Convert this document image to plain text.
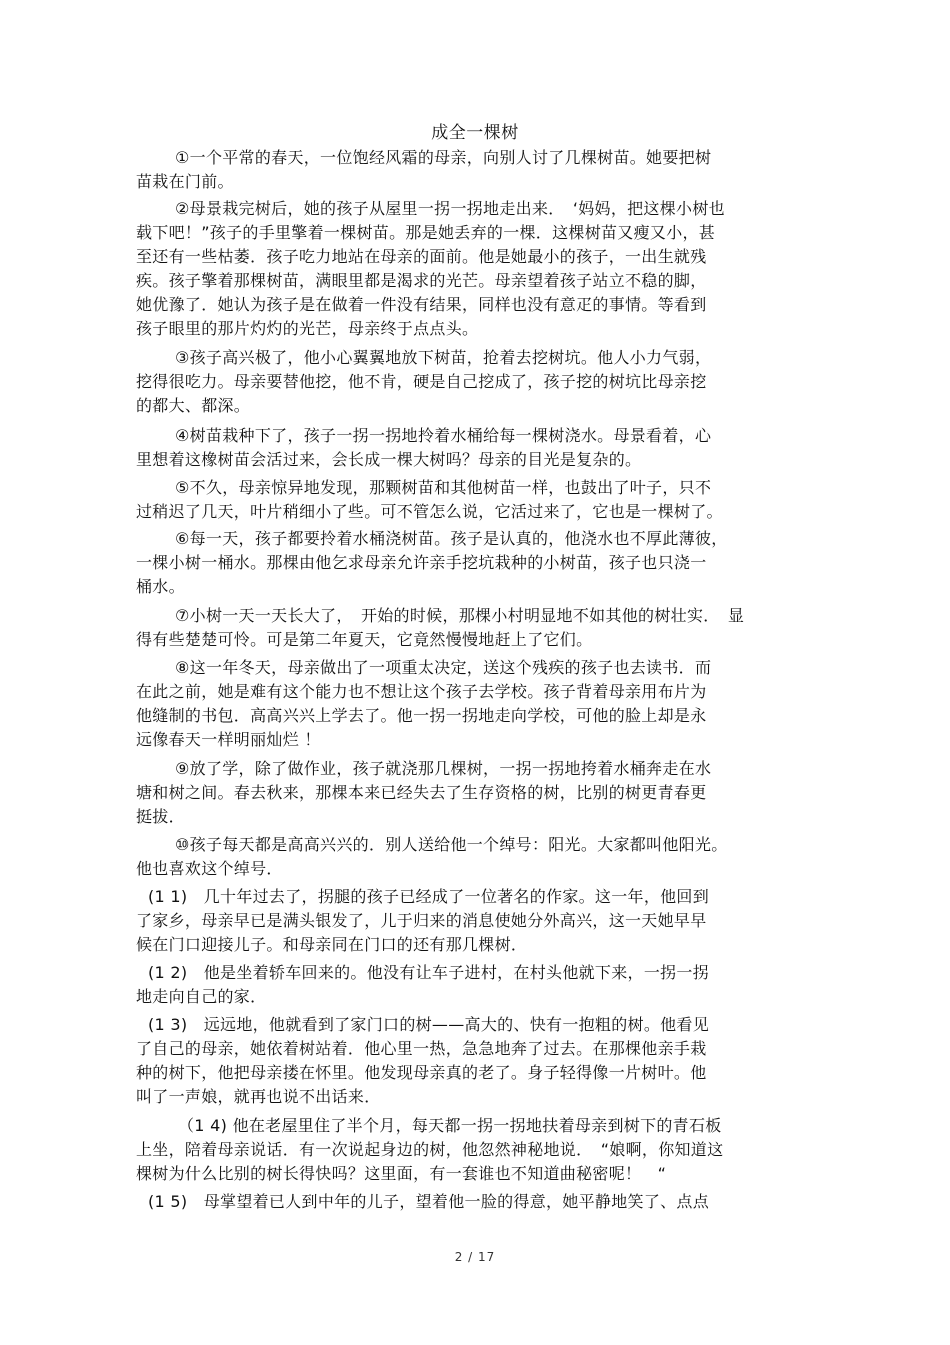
成全一棵树
①一个平常的春天，一位饱经风霜的母亲，向别人讨了几棵树苗。她要把树
苗栽在门前。
②母景栽完树后，她的孩子从屋里一拐一拐地走出来．　‘妈妈，把这棵小树也
载下吧！”孩子的手里擎着一棵树苗。那是她丢弃的一棵．这棵树苗又瘦又小，甚
至还有一些枯萎．孩子吃力地站在母亲的面前。他是她最小的孩子，一出生就残
疾。孩子擎着那棵树苗，满眼里都是渴求的光芒。母亲望着孩子站立不稳的脚，
她优豫了．她认为孩子是在做着一件没有结果，同样也没有意疋的事情。等看到
孩子眼里的那片灼灼的光芒，母亲终于点点头。
③孩子高兴极了，他小心翼翼地放下树苗，抢着去挖树坑。他人小力气弱，
挖得很吃力。母亲要替他挖，他不肯，硬是自己挖成了，孩子挖的树坑比母亲挖
的都大、都深。
④树苗栽种下了，孩子一拐一拐地拎着水桶给每一棵树浇水。母景看着，心
里想着这橡树苗会活过来，会长成一棵大树吗？母亲的目光是复杂的。
⑤不久，母亲惊异地发现，那颗树苗和其他树苗一样，也鼓出了叶子，只不
过稍迟了几天，叶片稍细小了些。可不管怎么说，它活过来了，它也是一棵树了。
⑥每一天，孩子都要拎着水桶浇树苗。孩子是认真的，他浇水也不厚此薄彼，
一棵小树一桶水。那棵由他乞求母亲允许亲手挖坑栽种的小树苗，孩子也只浇一
桶水。
⑦小树一天一天长大了，　开始的时候，那棵小村明显地不如其他的树壮实．　显
得有些楚楚可怜。可是第二年夏天，它竟然慢慢地赶上了它们。
⑧这一年冬天，母亲做出了一项重太决定，送这个残疾的孩子也去读书．而
在此之前，她是难有这个能力也不想让这个孩子去学校。孩子背着母亲用布片为
他缝制的书包．高高兴兴上学去了。他一拐一拐地走向学校，可他的脸上却是永
远像春天一样明丽灿烂 ！
⑨放了学，除了做作业，孩子就浇那几棵树，一拐一拐地挎着水桶奔走在水
塘和树之间。春去秋来，那棵本来已经失去了生存资格的树，比别的树更青春更
挺拔．
⑩孩子每天都是高高兴兴的．别人送给他一个绰号：阳光。大家都叫他阳光。
他也喜欢这个绰号．
(1 1)　几十年过去了，拐腿的孩子已经成了一位著名的作家。这一年，他回到
了家乡，母亲早已是满头银发了，儿于归来的消息使她分外高兴，这一天她早早
候在门口迎接儿子。和母亲同在门口的还有那几棵树．
(1 2)　他是坐着轿车回来的。他没有让车子进村，在村头他就下来，一拐一拐
地走向自己的家．
(1 3)　远远地，他就看到了家门口的树——高大的、快有一抱粗的树。他看见
了自己的母亲，她依着树站着．他心里一热，急急地奔了过去。在那棵他亲手栽
种的树下，他把母亲搂在怀里。他发现母亲真的老了。身子轻得像一片树叶。他
叫了一声娘，就再也说不出话来．
（1 4) 他在老屋里住了半个月，每天都一拐一拐地扶着母亲到树下的青石板
上坐，陪着母亲说话．有一次说起身边的树，他忽然神秘地说．　“娘啊，你知道这
棵树为什么比别的树长得快吗？这里面，有一套谁也不知道曲秘密呢！　“
(1 5)　母掌望着已人到中年的儿子，望着他一脸的得意，她平静地笑了、点点
2 / 17
